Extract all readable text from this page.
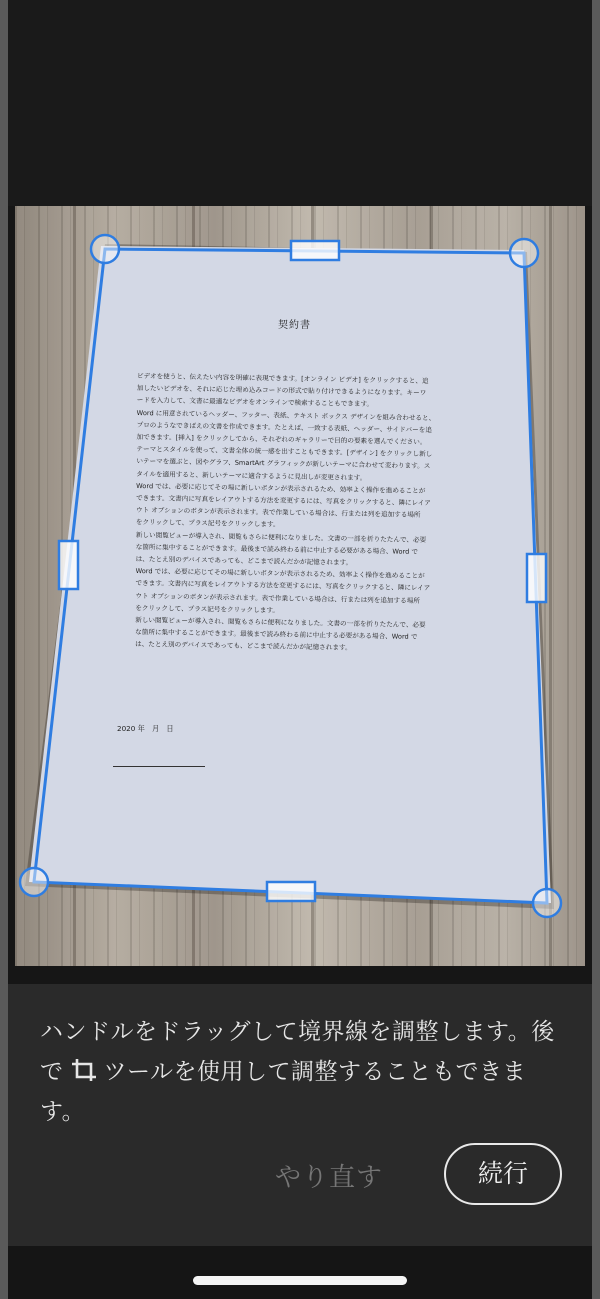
契約書
ビデオを使うと、伝えたい内容を明確に表現できます。[オンライン ビデオ] をクリックすると、追
加したいビデオを、それに応じた埋め込みコードの形式で貼り付けできるようになります。キーワ
ードを入力して、文書に最適なビデオをオンラインで検索することもできます。
Word に用意されているヘッダー、フッター、表紙、テキスト ボックス デザインを組み合わせると、
プロのようなできばえの文書を作成できます。たとえば、一致する表紙、ヘッダー、サイドバーを追
加できます。[挿入] をクリックしてから、それぞれのギャラリーで目的の要素を選んでください。
テーマとスタイルを使って、文書全体の統一感を出すこともできます。[デザイン] をクリックし新し
いテーマを選ぶと、図やグラフ、SmartArt グラフィックが新しいテーマに合わせて変わります。ス
タイルを適用すると、新しいテーマに適合するように見出しが変更されます。
Word では、必要に応じてその場に新しいボタンが表示されるため、効率よく操作を進めることが
できます。文書内に写真をレイアウトする方法を変更するには、写真をクリックすると、隣にレイア
ウト オプションのボタンが表示されます。表で作業している場合は、行または列を追加する場所
をクリックして、プラス記号をクリックします。
新しい閲覧ビューが導入され、閲覧もさらに便利になりました。文書の一部を折りたたんで、必要
な箇所に集中することができます。最後まで読み終わる前に中止する必要がある場合、Word で
は、たとえ別のデバイスであっても、どこまで読んだかが記憶されます。
Word では、必要に応じてその場に新しいボタンが表示されるため、効率よく操作を進めることが
できます。文書内に写真をレイアウトする方法を変更するには、写真をクリックすると、隣にレイア
ウト オプションのボタンが表示されます。表で作業している場合は、行または列を追加する場所
をクリックして、プラス記号をクリックします。
新しい閲覧ビューが導入され、閲覧もさらに便利になりました。文書の一部を折りたたんで、必要
な箇所に集中することができます。最後まで読み終わる前に中止する必要がある場合、Word で
は、たとえ別のデバイスであっても、どこまで読んだかが記憶されます。
2020 年　月　日
ハンドルをドラッグして境界線を調整します。後で ツールを使用して調整することもできます。
やり直す	続行
